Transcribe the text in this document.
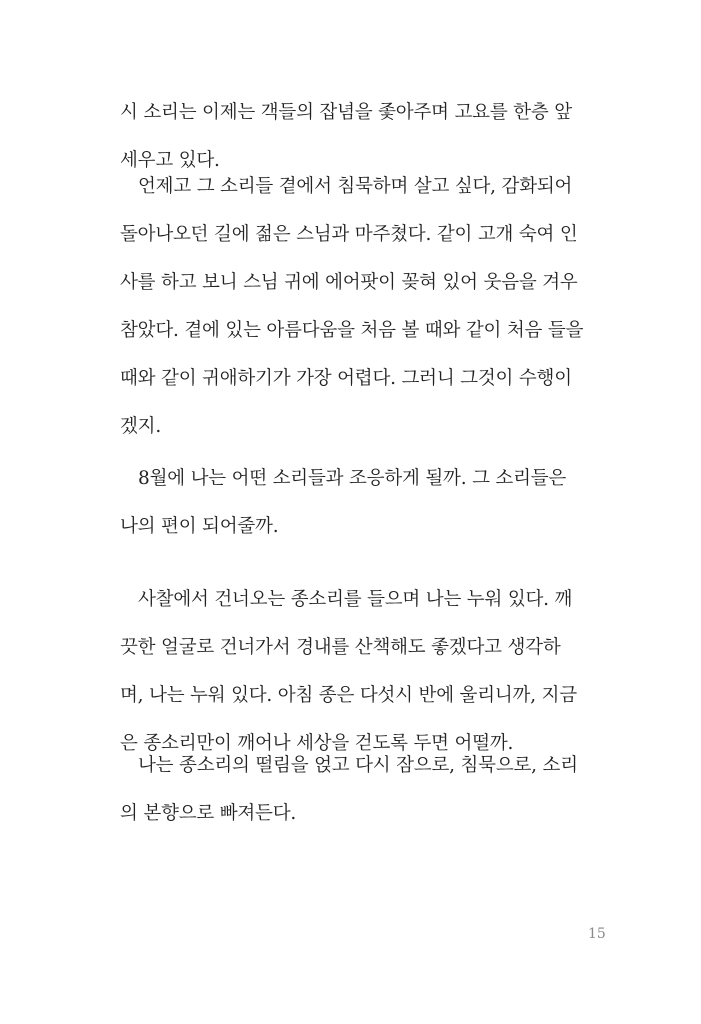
시 소리는 이제는 객들의 잡념을 좇아주며 고요를 한층 앞
세우고 있다.
언제고 그 소리들 곁에서 침묵하며 살고 싶다, 감화되어
돌아나오던 길에 젊은 스님과 마주쳤다. 같이 고개 숙여 인
사를 하고 보니 스님 귀에 에어팟이 꽂혀 있어 웃음을 겨우
참았다. 곁에 있는 아름다움을 처음 볼 때와 같이 처음 들을
때와 같이 귀애하기가 가장 어렵다. 그러니 그것이 수행이
겠지.
8월에 나는 어떤 소리들과 조응하게 될까. 그 소리들은
나의 편이 되어줄까.
사찰에서 건너오는 종소리를 들으며 나는 누워 있다. 깨
끗한 얼굴로 건너가서 경내를 산책해도 좋겠다고 생각하
며, 나는 누워 있다. 아침 종은 다섯시 반에 울리니까, 지금
은 종소리만이 깨어나 세상을 걷도록 두면 어떨까.
나는 종소리의 떨림을 얹고 다시 잠으로, 침묵으로, 소리
의 본향으로 빠져든다.
15
